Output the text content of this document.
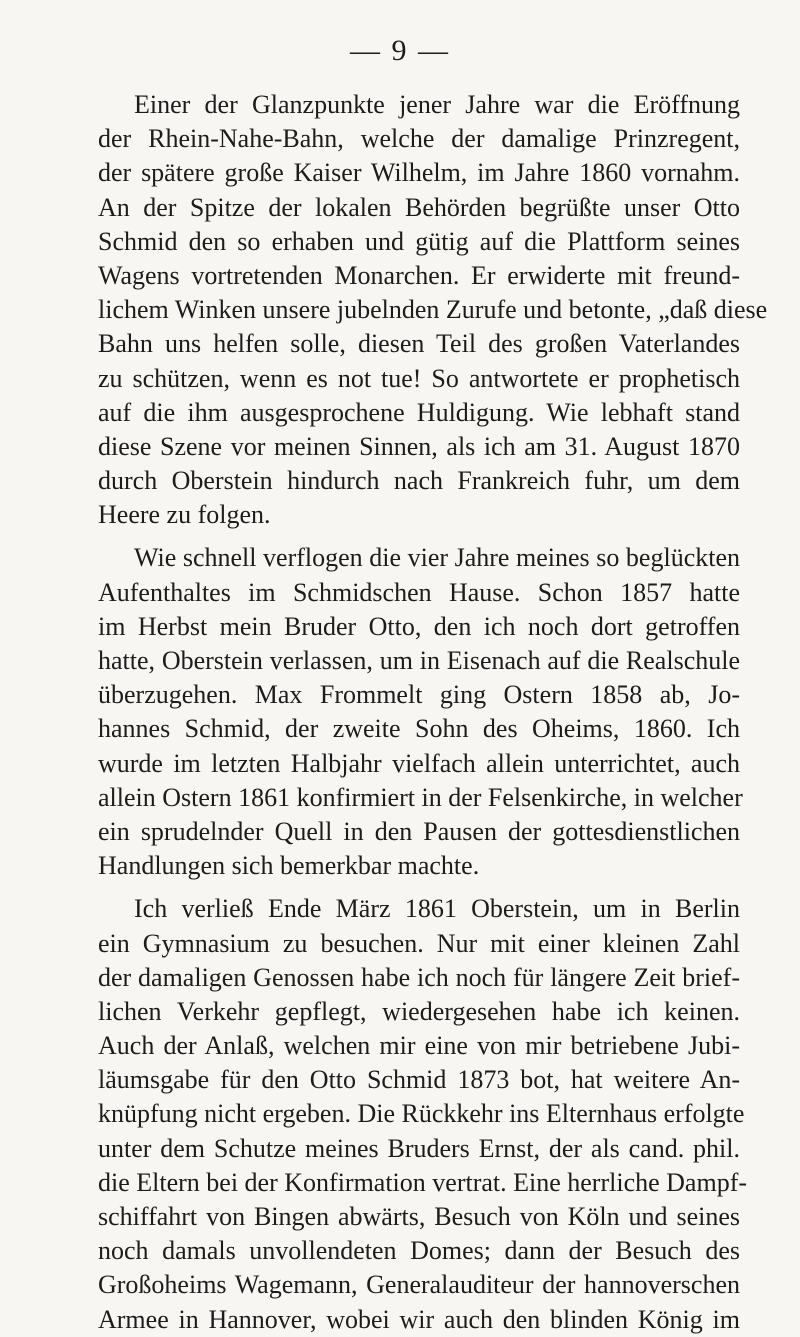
— 9 —
Einer der Glanzpunkte jener Jahre war die Eröffnung
der Rhein-Nahe-Bahn, welche der damalige Prinzregent,
der spätere große Kaiser Wilhelm, im Jahre 1860 vornahm.
An der Spitze der lokalen Behörden begrüßte unser Otto
Schmid den so erhaben und gütig auf die Plattform seines
Wagens vortretenden Monarchen. Er erwiderte mit freund-
lichem Winken unsere jubelnden Zurufe und betonte, „daß diese
Bahn uns helfen solle, diesen Teil des großen Vaterlandes
zu schützen, wenn es not tue! So antwortete er prophetisch
auf die ihm ausgesprochene Huldigung. Wie lebhaft stand
diese Szene vor meinen Sinnen, als ich am 31. August 1870
durch Oberstein hindurch nach Frankreich fuhr, um dem
Heere zu folgen.
Wie schnell verflogen die vier Jahre meines so beglückten
Aufenthaltes im Schmidschen Hause. Schon 1857 hatte
im Herbst mein Bruder Otto, den ich noch dort getroffen
hatte, Oberstein verlassen, um in Eisenach auf die Realschule
überzugehen. Max Frommelt ging Ostern 1858 ab, Jo-
hannes Schmid, der zweite Sohn des Oheims, 1860. Ich
wurde im letzten Halbjahr vielfach allein unterrichtet, auch
allein Ostern 1861 konfirmiert in der Felsenkirche, in welcher
ein sprudelnder Quell in den Pausen der gottesdienstlichen
Handlungen sich bemerkbar machte.
Ich verließ Ende März 1861 Oberstein, um in Berlin
ein Gymnasium zu besuchen. Nur mit einer kleinen Zahl
der damaligen Genossen habe ich noch für längere Zeit brief-
lichen Verkehr gepflegt, wiedergesehen habe ich keinen.
Auch der Anlaß, welchen mir eine von mir betriebene Jubi-
läumsgabe für den Otto Schmid 1873 bot, hat weitere An-
knüpfung nicht ergeben. Die Rückkehr ins Elternhaus erfolgte
unter dem Schutze meines Bruders Ernst, der als cand. phil.
die Eltern bei der Konfirmation vertrat. Eine herrliche Dampf-
schiffahrt von Bingen abwärts, Besuch von Köln und seines
noch damals unvollendeten Domes; dann der Besuch des
Großoheims Wagemann, Generalauditeur der hannoverschen
Armee in Hannover, wobei wir auch den blinden König im
